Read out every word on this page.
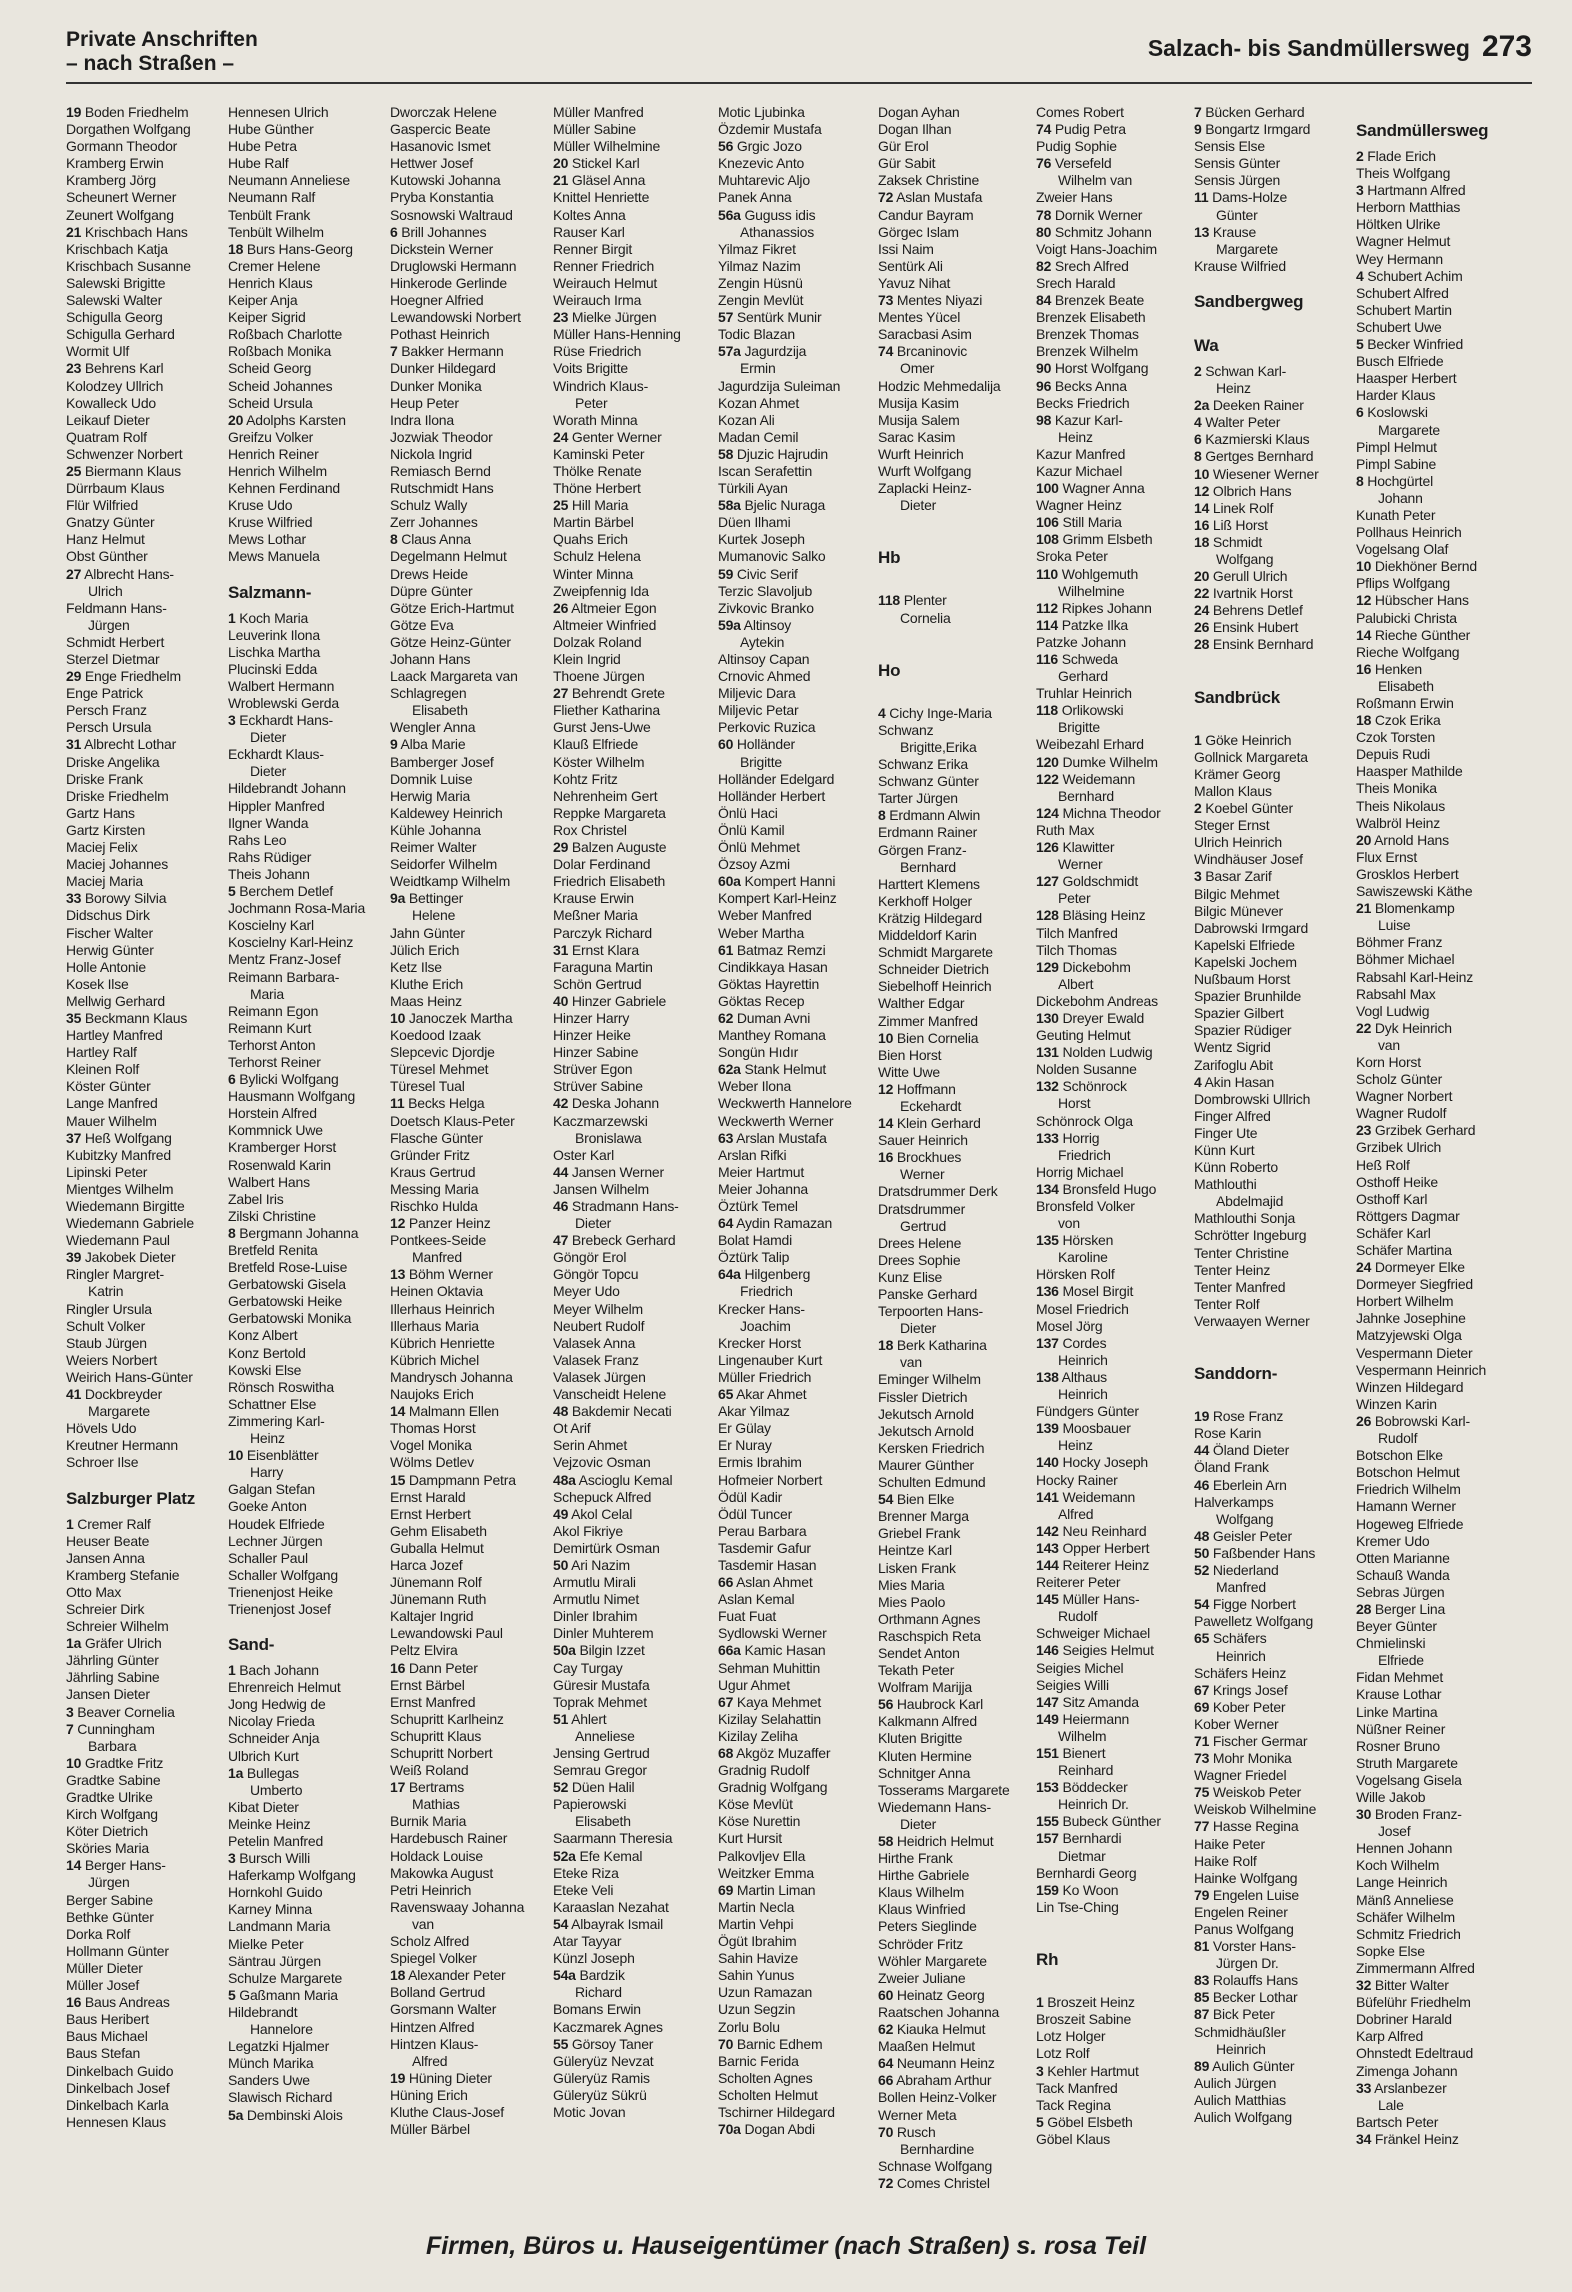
Private Anschriften
– nach Straßen –
Salzach- bis Sandmüllersweg 273
19 Boden Friedhelm
Dorgathen Wolfgang
Gormann Theodor
Kramberg Erwin
Kramberg Jörg
Scheunert Werner
Zeunert Wolfgang
21 Krischbach Hans
Krischbach Katja
Krischbach Susanne
Salewski Brigitte
Salewski Walter
Schigulla Georg
Schigulla Gerhard
Wormit Ulf
23 Behrens Karl
Kolodzey Ullrich
Kowalleck Udo
Leikauf Dieter
Quatram Rolf
Schwenzer Norbert
25 Biermann Klaus
Dürrbaum Klaus
Flür Wilfried
Gnatzy Günter
Hanz Helmut
Obst Günther
27 Albrecht Hans-
Ulrich
Feldmann Hans-
Jürgen
Schmidt Herbert
Sterzel Dietmar
29 Enge Friedhelm
Enge Patrick
Persch Franz
Persch Ursula
31 Albrecht Lothar
Driske Angelika
Driske Frank
Driske Friedhelm
Gartz Hans
Gartz Kirsten
Maciej Felix
Maciej Johannes
Maciej Maria
33 Borowy Silvia
Didschus Dirk
Fischer Walter
Herwig Günter
Holle Antonie
Kosek Ilse
Mellwig Gerhard
35 Beckmann Klaus
Hartley Manfred
Hartley Ralf
Kleinen Rolf
Köster Günter
Lange Manfred
Mauer Wilhelm
37 Heß Wolfgang
Kubitzky Manfred
Lipinski Peter
Mientges Wilhelm
Wiedemann Birgitte
Wiedemann Gabriele
Wiedemann Paul
39 Jakobek Dieter
Ringler Margret-
Katrin
Ringler Ursula
Schult Volker
Staub Jürgen
Weiers Norbert
Weirich Hans-Günter
41 Dockbreyder
Margarete
Hövels Udo
Kreutner Hermann
Schroer Ilse
Salzburger Platz
1 Cremer Ralf
Heuser Beate
Jansen Anna
Kramberg Stefanie
Otto Max
Schreier Dirk
Schreier Wilhelm
1a Gräfer Ulrich
Jährling Günter
Jährling Sabine
Jansen Dieter
3 Beaver Cornelia
7 Cunningham
Barbara
10 Gradtke Fritz
Gradtke Sabine
Gradtke Ulrike
Kirch Wolfgang
Köter Dietrich
Sköries Maria
14 Berger Hans-
Jürgen
Berger Sabine
Bethke Günter
Dorka Rolf
Hollmann Günter
Müller Dieter
Müller Josef
16 Baus Andreas
Baus Heribert
Baus Michael
Baus Stefan
Dinkelbach Guido
Dinkelbach Josef
Dinkelbach Karla
Hennesen Klaus
Hennesen Ulrich
Hube Günther
Hube Petra
Hube Ralf
Neumann Anneliese
Neumann Ralf
Tenbült Frank
Tenbült Wilhelm
18 Burs Hans-Georg
Cremer Helene
Henrich Klaus
Keiper Anja
Keiper Sigrid
Roßbach Charlotte
Roßbach Monika
Scheid Georg
Scheid Johannes
Scheid Ursula
20 Adolphs Karsten
Greifzu Volker
Henrich Reiner
Henrich Wilhelm
Kehnen Ferdinand
Kruse Udo
Kruse Wilfried
Mews Lothar
Mews Manuela
Salzmann-
1 Koch Maria
Leuverink Ilona
Lischka Martha
Plucinski Edda
Walbert Hermann
Wroblewski Gerda
3 Eckhardt Hans-
Dieter
Eckhardt Klaus-
Dieter
Hildebrandt Johann
Hippler Manfred
Ilgner Wanda
Rahs Leo
Rahs Rüdiger
Theis Johann
5 Berchem Detlef
Jochmann Rosa-Maria
Koscielny Karl
Koscielny Karl-Heinz
Mentz Franz-Josef
Reimann Barbara-
Maria
Reimann Egon
Reimann Kurt
Terhorst Anton
Terhorst Reiner
6 Bylicki Wolfgang
Hausmann Wolfgang
Horstein Alfred
Kommnick Uwe
Kramberger Horst
Rosenwald Karin
Walbert Hans
Zabel Iris
Zilski Christine
8 Bergmann Johanna
Bretfeld Renita
Bretfeld Rose-Luise
Gerbatowski Gisela
Gerbatowski Heike
Gerbatowski Monika
Konz Albert
Konz Bertold
Kowski Else
Rönsch Roswitha
Schattner Else
Zimmering Karl-
Heinz
10 Eisenblätter
Harry
Galgan Stefan
Goeke Anton
Houdek Elfriede
Lechner Jürgen
Schaller Paul
Schaller Wolfgang
Trienenjost Heike
Trienenjost Josef
Sand-
1 Bach Johann
Ehrenreich Helmut
Jong Hedwig de
Nicolay Frieda
Schneider Anja
Ulbrich Kurt
1a Bullegas
Umberto
Kibat Dieter
Meinke Heinz
Petelin Manfred
3 Bursch Willi
Haferkamp Wolfgang
Hornkohl Guido
Karney Minna
Landmann Maria
Mielke Peter
Säntrau Jürgen
Schulze Margarete
5 Gaßmann Maria
Hildebrandt
Hannelore
Legatzki Hjalmer
Münch Marika
Sanders Uwe
Slawisch Richard
5a Dembinski Alois
Dworczak Helene
Gaspercic Beate
Hasanovic Ismet
Hettwer Josef
Kutowski Johanna
Pryba Konstantia
Sosnowski Waltraud
6 Brill Johannes
Dickstein Werner
Druglowski Hermann
Hinkerode Gerlinde
Hoegner Alfried
Lewandowski Norbert
Pothast Heinrich
7 Bakker Hermann
Dunker Hildegard
Dunker Monika
Heup Peter
Indra Ilona
Jozwiak Theodor
Nickola Ingrid
Remiasch Bernd
Rutschmidt Hans
Schulz Wally
Zerr Johannes
8 Claus Anna
Degelmann Helmut
Drews Heide
Düpre Günter
Götze Erich-Hartmut
Götze Eva
Götze Heinz-Günter
Johann Hans
Laack Margareta van
Schlagregen
Elisabeth
Wengler Anna
9 Alba Marie
Bamberger Josef
Domnik Luise
Herwig Maria
Kaldewey Heinrich
Kühle Johanna
Reimer Walter
Seidorfer Wilhelm
Weidtkamp Wilhelm
9a Bettinger
Helene
Jahn Günter
Jülich Erich
Ketz Ilse
Kluthe Erich
Maas Heinz
10 Janoczek Martha
Koedood Izaak
Slepcevic Djordje
Türesel Mehmet
Türesel Tual
11 Becks Helga
Doetsch Klaus-Peter
Flasche Günter
Gründer Fritz
Kraus Gertrud
Messing Maria
Rischko Hulda
12 Panzer Heinz
Pontkees-Seide
Manfred
13 Böhm Werner
Heinen Oktavia
Illerhaus Heinrich
Illerhaus Maria
Kübrich Henriette
Kübrich Michel
Mandrysch Johanna
Naujoks Erich
14 Malmann Ellen
Thomas Horst
Vogel Monika
Wölms Detlev
15 Dampmann Petra
Ernst Harald
Ernst Herbert
Gehm Elisabeth
Guballa Helmut
Harca Jozef
Jünemann Rolf
Jünemann Ruth
Kaltajer Ingrid
Lewandowski Paul
Peltz Elvira
16 Dann Peter
Ernst Bärbel
Ernst Manfred
Schupritt Karlheinz
Schupritt Klaus
Schupritt Norbert
Weiß Roland
17 Bertrams
Mathias
Burnik Maria
Hardebusch Rainer
Holdack Louise
Makowka August
Petri Heinrich
Ravenswaay Johanna
van
Scholz Alfred
Spiegel Volker
18 Alexander Peter
Bolland Gertrud
Gorsmann Walter
Hintzen Alfred
Hintzen Klaus-
Alfred
19 Hüning Dieter
Hüning Erich
Kluthe Claus-Josef
Müller Bärbel
Müller Manfred
Müller Sabine
Müller Wilhelmine
20 Stickel Karl
21 Gläsel Anna
Knittel Henriette
Koltes Anna
Rauser Karl
Renner Birgit
Renner Friedrich
Weirauch Helmut
Weirauch Irma
23 Mielke Jürgen
Müller Hans-Henning
Rüse Friedrich
Voits Brigitte
Windrich Klaus-
Peter
Worath Minna
24 Genter Werner
Kaminski Peter
Thölke Renate
Thöne Herbert
25 Hill Maria
Martin Bärbel
Quahs Erich
Schulz Helena
Winter Minna
Zweipfennig Ida
26 Altmeier Egon
Altmeier Winfried
Dolzak Roland
Klein Ingrid
Thoene Jürgen
27 Behrendt Grete
Fliether Katharina
Gurst Jens-Uwe
Klauß Elfriede
Köster Wilhelm
Kohtz Fritz
Nehrenheim Gert
Reppke Margareta
Rox Christel
29 Balzen Auguste
Dolar Ferdinand
Friedrich Elisabeth
Krause Erwin
Meßner Maria
Parczyk Richard
31 Ernst Klara
Faraguna Martin
Schön Gertrud
40 Hinzer Gabriele
Hinzer Harry
Hinzer Heike
Hinzer Sabine
Strüver Egon
Strüver Sabine
42 Deska Johann
Kaczmarzewski
Bronislawa
Oster Karl
44 Jansen Werner
Jansen Wilhelm
46 Stradmann Hans-
Dieter
47 Brebeck Gerhard
Göngör Erol
Göngör Topcu
Meyer Udo
Meyer Wilhelm
Neubert Rudolf
Valasek Anna
Valasek Franz
Valasek Jürgen
Vanscheidt Helene
48 Bakdemir Necati
Ot Arif
Serin Ahmet
Vejzovic Osman
48a Ascioglu Kemal
Schepuck Alfred
49 Akol Celal
Akol Fikriye
Demirtürk Osman
50 Ari Nazim
Armutlu Mirali
Armutlu Nimet
Dinler Ibrahim
Dinler Muhterem
50a Bilgin Izzet
Cay Turgay
Güresir Mustafa
Toprak Mehmet
51 Ahlert
Anneliese
Jensing Gertrud
Semrau Gregor
52 Düen Halil
Papierowski
Elisabeth
Saarmann Theresia
52a Efe Kemal
Eteke Riza
Eteke Veli
Karaaslan Nezahat
54 Albayrak Ismail
Atar Tayyar
Künzl Joseph
54a Bardzik
Richard
Bomans Erwin
Kaczmarek Agnes
55 Görsoy Taner
Güleryüz Nevzat
Güleryüz Ramis
Güleryüz Sükrü
Motic Jovan
Motic Ljubinka
Özdemir Mustafa
56 Grgic Jozo
Knezevic Anto
Muhtarevic Aljo
Panek Anna
56a Guguss idis
Athanassios
Yilmaz Fikret
Yilmaz Nazim
Zengin Hüsnü
Zengin Mevlüt
57 Sentürk Munir
Todic Blazan
57a Jagurdzija
Ermin
Jagurdzija Suleiman
Kozan Ahmet
Kozan Ali
Madan Cemil
58 Djuzic Hajrudin
Iscan Serafettin
Türkili Ayan
58a Bjelic Nuraga
Düen Ilhami
Kurtek Joseph
Mumanovic Salko
59 Civic Serif
Terzic Slavoljub
Zivkovic Branko
59a Altinsoy
Aytekin
Altinsoy Capan
Crnovic Ahmed
Miljevic Dara
Miljevic Petar
Perkovic Ruzica
60 Holländer
Brigitte
Holländer Edelgard
Holländer Herbert
Önlü Haci
Önlü Kamil
Önlü Mehmet
Özsoy Azmi
60a Kompert Hanni
Kompert Karl-Heinz
Weber Manfred
Weber Martha
61 Batmaz Remzi
Cindikkaya Hasan
Göktas Hayrettin
Göktas Recep
62 Duman Avni
Manthey Romana
Songün Hıdır
62a Stank Helmut
Weber Ilona
Weckwerth Hannelore
Weckwerth Werner
63 Arslan Mustafa
Arslan Rifki
Meier Hartmut
Meier Johanna
Öztürk Temel
64 Aydin Ramazan
Bolat Hamdi
Öztürk Talip
64a Hilgenberg
Friedrich
Krecker Hans-
Joachim
Krecker Horst
Lingenauber Kurt
Müller Friedrich
65 Akar Ahmet
Akar Yilmaz
Er Gülay
Er Nuray
Ermis Ibrahim
Hofmeier Norbert
Ödül Kadir
Ödül Tuncer
Perau Barbara
Tasdemir Gafur
Tasdemir Hasan
66 Aslan Ahmet
Aslan Kemal
Fuat Fuat
Sydlowski Werner
66a Kamic Hasan
Sehman Muhittin
Ugur Ahmet
67 Kaya Mehmet
Kizilay Selahattin
Kizilay Zeliha
68 Akgöz Muzaffer
Gradnig Rudolf
Gradnig Wolfgang
Köse Mevlüt
Köse Nurettin
Kurt Hursit
Palkovljev Ella
Weitzker Emma
69 Martin Liman
Martin Necla
Martin Vehpi
Ögüt Ibrahim
Sahin Havize
Sahin Yunus
Uzun Ramazan
Uzun Segzin
Zorlu Bolu
70 Barnic Edhem
Barnic Ferida
Scholten Agnes
Scholten Helmut
Tschirner Hildegard
70a Dogan Abdi
Dogan Ayhan
Dogan Ilhan
Gür Erol
Gür Sabit
Zaksek Christine
72 Aslan Mustafa
Candur Bayram
Görgec Islam
Issi Naim
Sentürk Ali
Yavuz Nihat
73 Mentes Niyazi
Mentes Yücel
Saracbasi Asim
74 Brcaninovic
Omer
Hodzic Mehmedalija
Musija Kasim
Musija Salem
Sarac Kasim
Wurft Heinrich
Wurft Wolfgang
Zaplacki Heinz-
Dieter
Hb
118 Plenter
Cornelia
Ho
4 Cichy Inge-Maria
Schwanz
Brigitte,Erika
Schwanz Erika
Schwanz Günter
Tarter Jürgen
8 Erdmann Alwin
Erdmann Rainer
Görgen Franz-
Bernhard
Harttert Klemens
Kerkhoff Holger
Krätzig Hildegard
Middeldorf Karin
Schmidt Margarete
Schneider Dietrich
Siebelhoff Heinrich
Walther Edgar
Zimmer Manfred
10 Bien Cornelia
Bien Horst
Witte Uwe
12 Hoffmann
Eckehardt
14 Klein Gerhard
Sauer Heinrich
16 Brockhues
Werner
Dratsdrummer Derk
Dratsdrummer
Gertrud
Drees Helene
Drees Sophie
Kunz Elise
Panske Gerhard
Terpoorten Hans-
Dieter
18 Berk Katharina
van
Eminger Wilhelm
Fissler Dietrich
Jekutsch Arnold
Jekutsch Arnold
Kersken Friedrich
Maurer Günther
Schulten Edmund
54 Bien Elke
Brenner Marga
Griebel Frank
Heintze Karl
Lisken Frank
Mies Maria
Mies Paolo
Orthmann Agnes
Raschspich Reta
Sendet Anton
Tekath Peter
Wolfram Marijja
56 Haubrock Karl
Kalkmann Alfred
Kluten Brigitte
Kluten Hermine
Schnitger Anna
Tosserams Margarete
Wiedemann Hans-
Dieter
58 Heidrich Helmut
Hirthe Frank
Hirthe Gabriele
Klaus Wilhelm
Klaus Winfried
Peters Sieglinde
Schröder Fritz
Wöhler Margarete
Zweier Juliane
60 Heinatz Georg
Raatschen Johanna
62 Kiauka Helmut
Maaßen Helmut
64 Neumann Heinz
66 Abraham Arthur
Bollen Heinz-Volker
Werner Meta
70 Rusch
Bernhardine
Schnase Wolfgang
72 Comes Christel
Comes Robert
74 Pudig Petra
Pudig Sophie
76 Versefeld
Wilhelm van
Zweier Hans
78 Dornik Werner
80 Schmitz Johann
Voigt Hans-Joachim
82 Srech Alfred
Srech Harald
84 Brenzek Beate
Brenzek Elisabeth
Brenzek Thomas
Brenzek Wilhelm
90 Horst Wolfgang
96 Becks Anna
Becks Friedrich
98 Kazur Karl-
Heinz
Kazur Manfred
Kazur Michael
100 Wagner Anna
Wagner Heinz
106 Still Maria
108 Grimm Elsbeth
Sroka Peter
110 Wohlgemuth
Wilhelmine
112 Ripkes Johann
114 Patzke Ilka
Patzke Johann
116 Schweda
Gerhard
Truhlar Heinrich
118 Orlikowski
Brigitte
Weibezahl Erhard
120 Dumke Wilhelm
122 Weidemann
Bernhard
124 Michna Theodor
Ruth Max
126 Klawitter
Werner
127 Goldschmidt
Peter
128 Bläsing Heinz
Tilch Manfred
Tilch Thomas
129 Dickebohm
Albert
Dickebohm Andreas
130 Dreyer Ewald
Geuting Helmut
131 Nolden Ludwig
Nolden Susanne
132 Schönrock
Horst
Schönrock Olga
133 Horrig
Friedrich
Horrig Michael
134 Bronsfeld Hugo
Bronsfeld Volker
von
135 Hörsken
Karoline
Hörsken Rolf
136 Mosel Birgit
Mosel Friedrich
Mosel Jörg
137 Cordes
Heinrich
138 Althaus
Heinrich
Fündgers Günter
139 Moosbauer
Heinz
140 Hocky Joseph
Hocky Rainer
141 Weidemann
Alfred
142 Neu Reinhard
143 Opper Herbert
144 Reiterer Heinz
Reiterer Peter
145 Müller Hans-
Rudolf
Schweiger Michael
146 Seigies Helmut
Seigies Michel
Seigies Willi
147 Sitz Amanda
149 Heiermann
Wilhelm
151 Bienert
Reinhard
153 Böddecker
Heinrich Dr.
155 Bubeck Günther
157 Bernhardi
Dietmar
Bernhardi Georg
159 Ko Woon
Lin Tse-Ching
Rh
1 Broszeit Heinz
Broszeit Sabine
Lotz Holger
Lotz Rolf
3 Kehler Hartmut
Tack Manfred
Tack Regina
5 Göbel Elsbeth
Göbel Klaus
7 Bücken Gerhard
9 Bongartz Irmgard
Sensis Else
Sensis Günter
Sensis Jürgen
11 Dams-Holze
Günter
13 Krause
Margarete
Krause Wilfried
Sandbergweg
Wa
2 Schwan Karl-
Heinz
2a Deeken Rainer
4 Walter Peter
6 Kazmierski Klaus
8 Gertges Bernhard
10 Wiesener Werner
12 Olbrich Hans
14 Linek Rolf
16 Liß Horst
18 Schmidt
Wolfgang
20 Gerull Ulrich
22 Ivartnik Horst
24 Behrens Detlef
26 Ensink Hubert
28 Ensink Bernhard
Sandbrück
1 Göke Heinrich
Gollnick Margareta
Krämer Georg
Mallon Klaus
2 Koebel Günter
Steger Ernst
Ulrich Heinrich
Windhäuser Josef
3 Basar Zarif
Bilgic Mehmet
Bilgic Münever
Dabrowski Irmgard
Kapelski Elfriede
Kapelski Jochem
Nußbaum Horst
Spazier Brunhilde
Spazier Gilbert
Spazier Rüdiger
Wentz Sigrid
Zarifoglu Abit
4 Akin Hasan
Dombrowski Ullrich
Finger Alfred
Finger Ute
Künn Kurt
Künn Roberto
Mathlouthi
Abdelmajid
Mathlouthi Sonja
Schrötter Ingeburg
Tenter Christine
Tenter Heinz
Tenter Manfred
Tenter Rolf
Verwaayen Werner
Sanddorn-
19 Rose Franz
Rose Karin
44 Öland Dieter
Öland Frank
46 Eberlein Arn
Halverkamps
Wolfgang
48 Geisler Peter
50 Faßbender Hans
52 Niederland
Manfred
54 Figge Norbert
Pawelletz Wolfgang
65 Schäfers
Heinrich
Schäfers Heinz
67 Krings Josef
69 Kober Peter
Kober Werner
71 Fischer Germar
73 Mohr Monika
Wagner Friedel
75 Weiskob Peter
Weiskob Wilhelmine
77 Hasse Regina
Haike Peter
Haike Rolf
Hainke Wolfgang
79 Engelen Luise
Engelen Reiner
Panus Wolfgang
81 Vorster Hans-
Jürgen Dr.
83 Rolauffs Hans
85 Becker Lothar
87 Bick Peter
Schmidhäußler
Heinrich
89 Aulich Günter
Aulich Jürgen
Aulich Matthias
Aulich Wolfgang
Sandmüllersweg
2 Flade Erich
Theis Wolfgang
3 Hartmann Alfred
Herborn Matthias
Höltken Ulrike
Wagner Helmut
Wey Hermann
4 Schubert Achim
Schubert Alfred
Schubert Martin
Schubert Uwe
5 Becker Winfried
Busch Elfriede
Haasper Herbert
Harder Klaus
6 Koslowski
Margarete
Pimpl Helmut
Pimpl Sabine
8 Hochgürtel
Johann
Kunath Peter
Pollhaus Heinrich
Vogelsang Olaf
10 Diekhöner Bernd
Pflips Wolfgang
12 Hübscher Hans
Palubicki Christa
14 Rieche Günther
Rieche Wolfgang
16 Henken
Elisabeth
Roßmann Erwin
18 Czok Erika
Czok Torsten
Depuis Rudi
Haasper Mathilde
Theis Monika
Theis Nikolaus
Walbröl Heinz
20 Arnold Hans
Flux Ernst
Grosklos Herbert
Sawiszewski Käthe
21 Blomenkamp
Luise
Böhmer Franz
Böhmer Michael
Rabsahl Karl-Heinz
Rabsahl Max
Vogl Ludwig
22 Dyk Heinrich
van
Korn Horst
Scholz Günter
Wagner Norbert
Wagner Rudolf
23 Grzibek Gerhard
Grzibek Ulrich
Heß Rolf
Osthoff Heike
Osthoff Karl
Röttgers Dagmar
Schäfer Karl
Schäfer Martina
24 Dormeyer Elke
Dormeyer Siegfried
Horbert Wilhelm
Jahnke Josephine
Matzyjewski Olga
Vespermann Dieter
Vespermann Heinrich
Winzen Hildegard
Winzen Karin
26 Bobrowski Karl-
Rudolf
Botschon Elke
Botschon Helmut
Friedrich Wilhelm
Hamann Werner
Hogeweg Elfriede
Kremer Udo
Otten Marianne
Schauß Wanda
Sebras Jürgen
28 Berger Lina
Beyer Günter
Chmielinski
Elfriede
Fidan Mehmet
Krause Lothar
Linke Martina
Nüßner Reiner
Rosner Bruno
Struth Margarete
Vogelsang Gisela
Wille Jakob
30 Broden Franz-
Josef
Hennen Johann
Koch Wilhelm
Lange Heinrich
Mänß Anneliese
Schäfer Wilhelm
Schmitz Friedrich
Sopke Else
Zimmermann Alfred
32 Bitter Walter
Büfelühr Friedhelm
Dobriner Harald
Karp Alfred
Ohnstedt Edeltraud
Zimenga Johann
33 Arslanbezer
Lale
Bartsch Peter
34 Fränkel Heinz
Firmen, Büros u. Hauseigentümer (nach Straßen) s. rosa Teil
